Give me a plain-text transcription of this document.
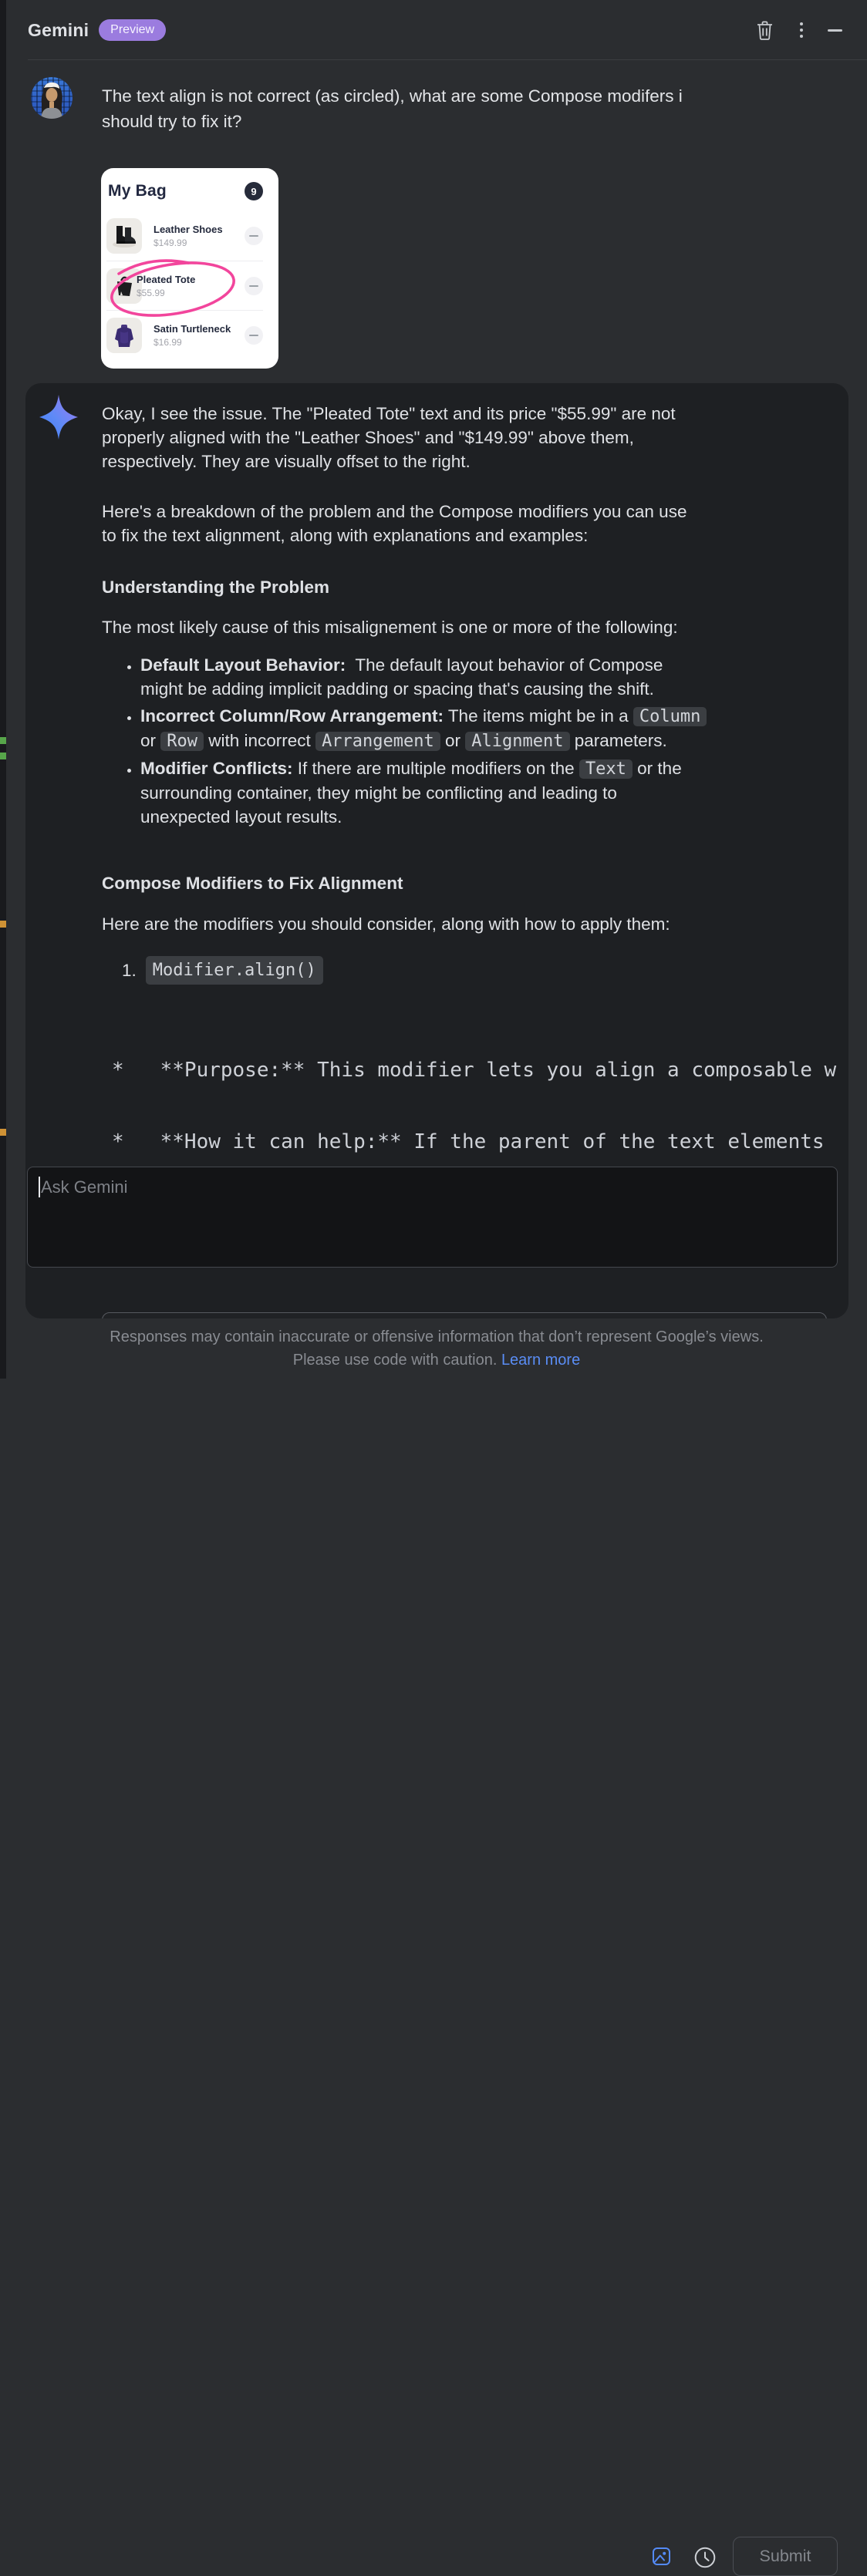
Gemini	Preview
The text align is not correct (as circled), what are some Compose modifers i
should try to fix it?
My Bag	9
Leather Shoes
$149.99
Pleated Tote
$55.99
Satin Turtleneck
$16.99
Okay, I see the issue. The "Pleated Tote" text and its price "$55.99" are not
properly aligned with the "Leather Shoes" and "$149.99" above them,
respectively. They are visually offset to the right.
Here's a breakdown of the problem and the Compose modifiers you can use
to fix the text alignment, along with explanations and examples:
Understanding the Problem
The most likely cause of this misalignement is one or more of the following:
• Default Layout Behavior:  The default layout behavior of Compose
might be adding implicit padding or spacing that's causing the shift.
• Incorrect Column/Row Arrangement: The items might be in a Column
or Row with incorrect Arrangement or Alignment parameters.
• Modifier Conflicts: If there are multiple modifiers on the Text or the
surrounding container, they might be conflicting and leading to
unexpected layout results.
Compose Modifiers to Fix Alignment
Here are the modifiers you should consider, along with how to apply them:
1. Modifier.align()

*   **Purpose:** This modifier lets you align a composable w

*   **How it can help:** If the parent of the text elements

Ask Gemini
Submit
Responses may contain inaccurate or offensive information that don’t represent Google’s views.
Please use code with caution. Learn more
